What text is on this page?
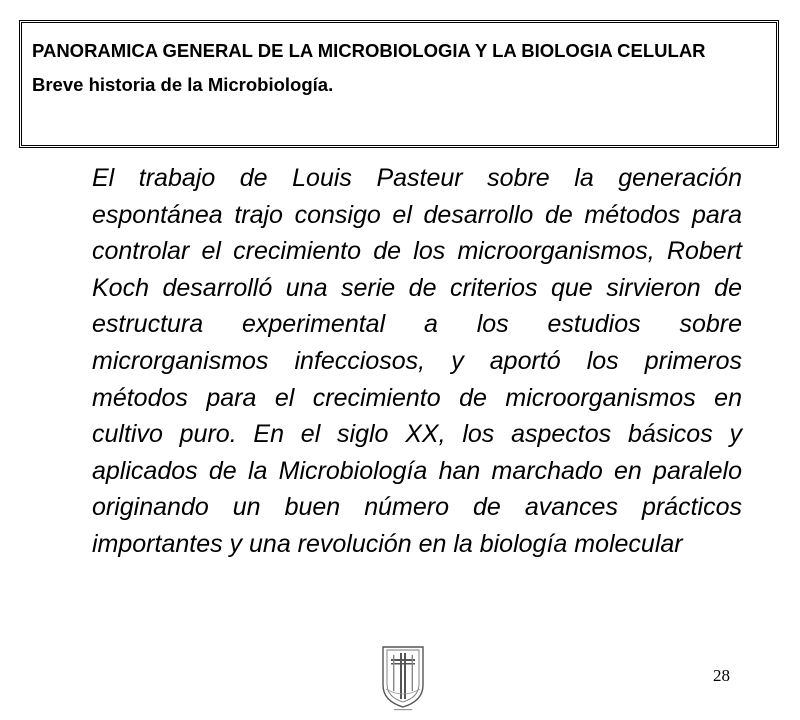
PANORAMICA GENERAL DE LA MICROBIOLOGIA Y LA BIOLOGIA CELULAR

Breve historia de la Microbiología.

El trabajo de Louis Pasteur sobre la generación espontánea trajo consigo el desarrollo de métodos para controlar el crecimiento de los microorganismos, Robert Koch desarrolló una serie de criterios que sirvieron de estructura experimental a los estudios sobre microrganismos infecciosos, y aportó los primeros métodos para el crecimiento de microorganismos en cultivo puro. En el siglo XX, los aspectos básicos y aplicados de la Microbiología han marchado en paralelo originando un buen número de avances prácticos importantes y una revolución en la biología molecular

28
